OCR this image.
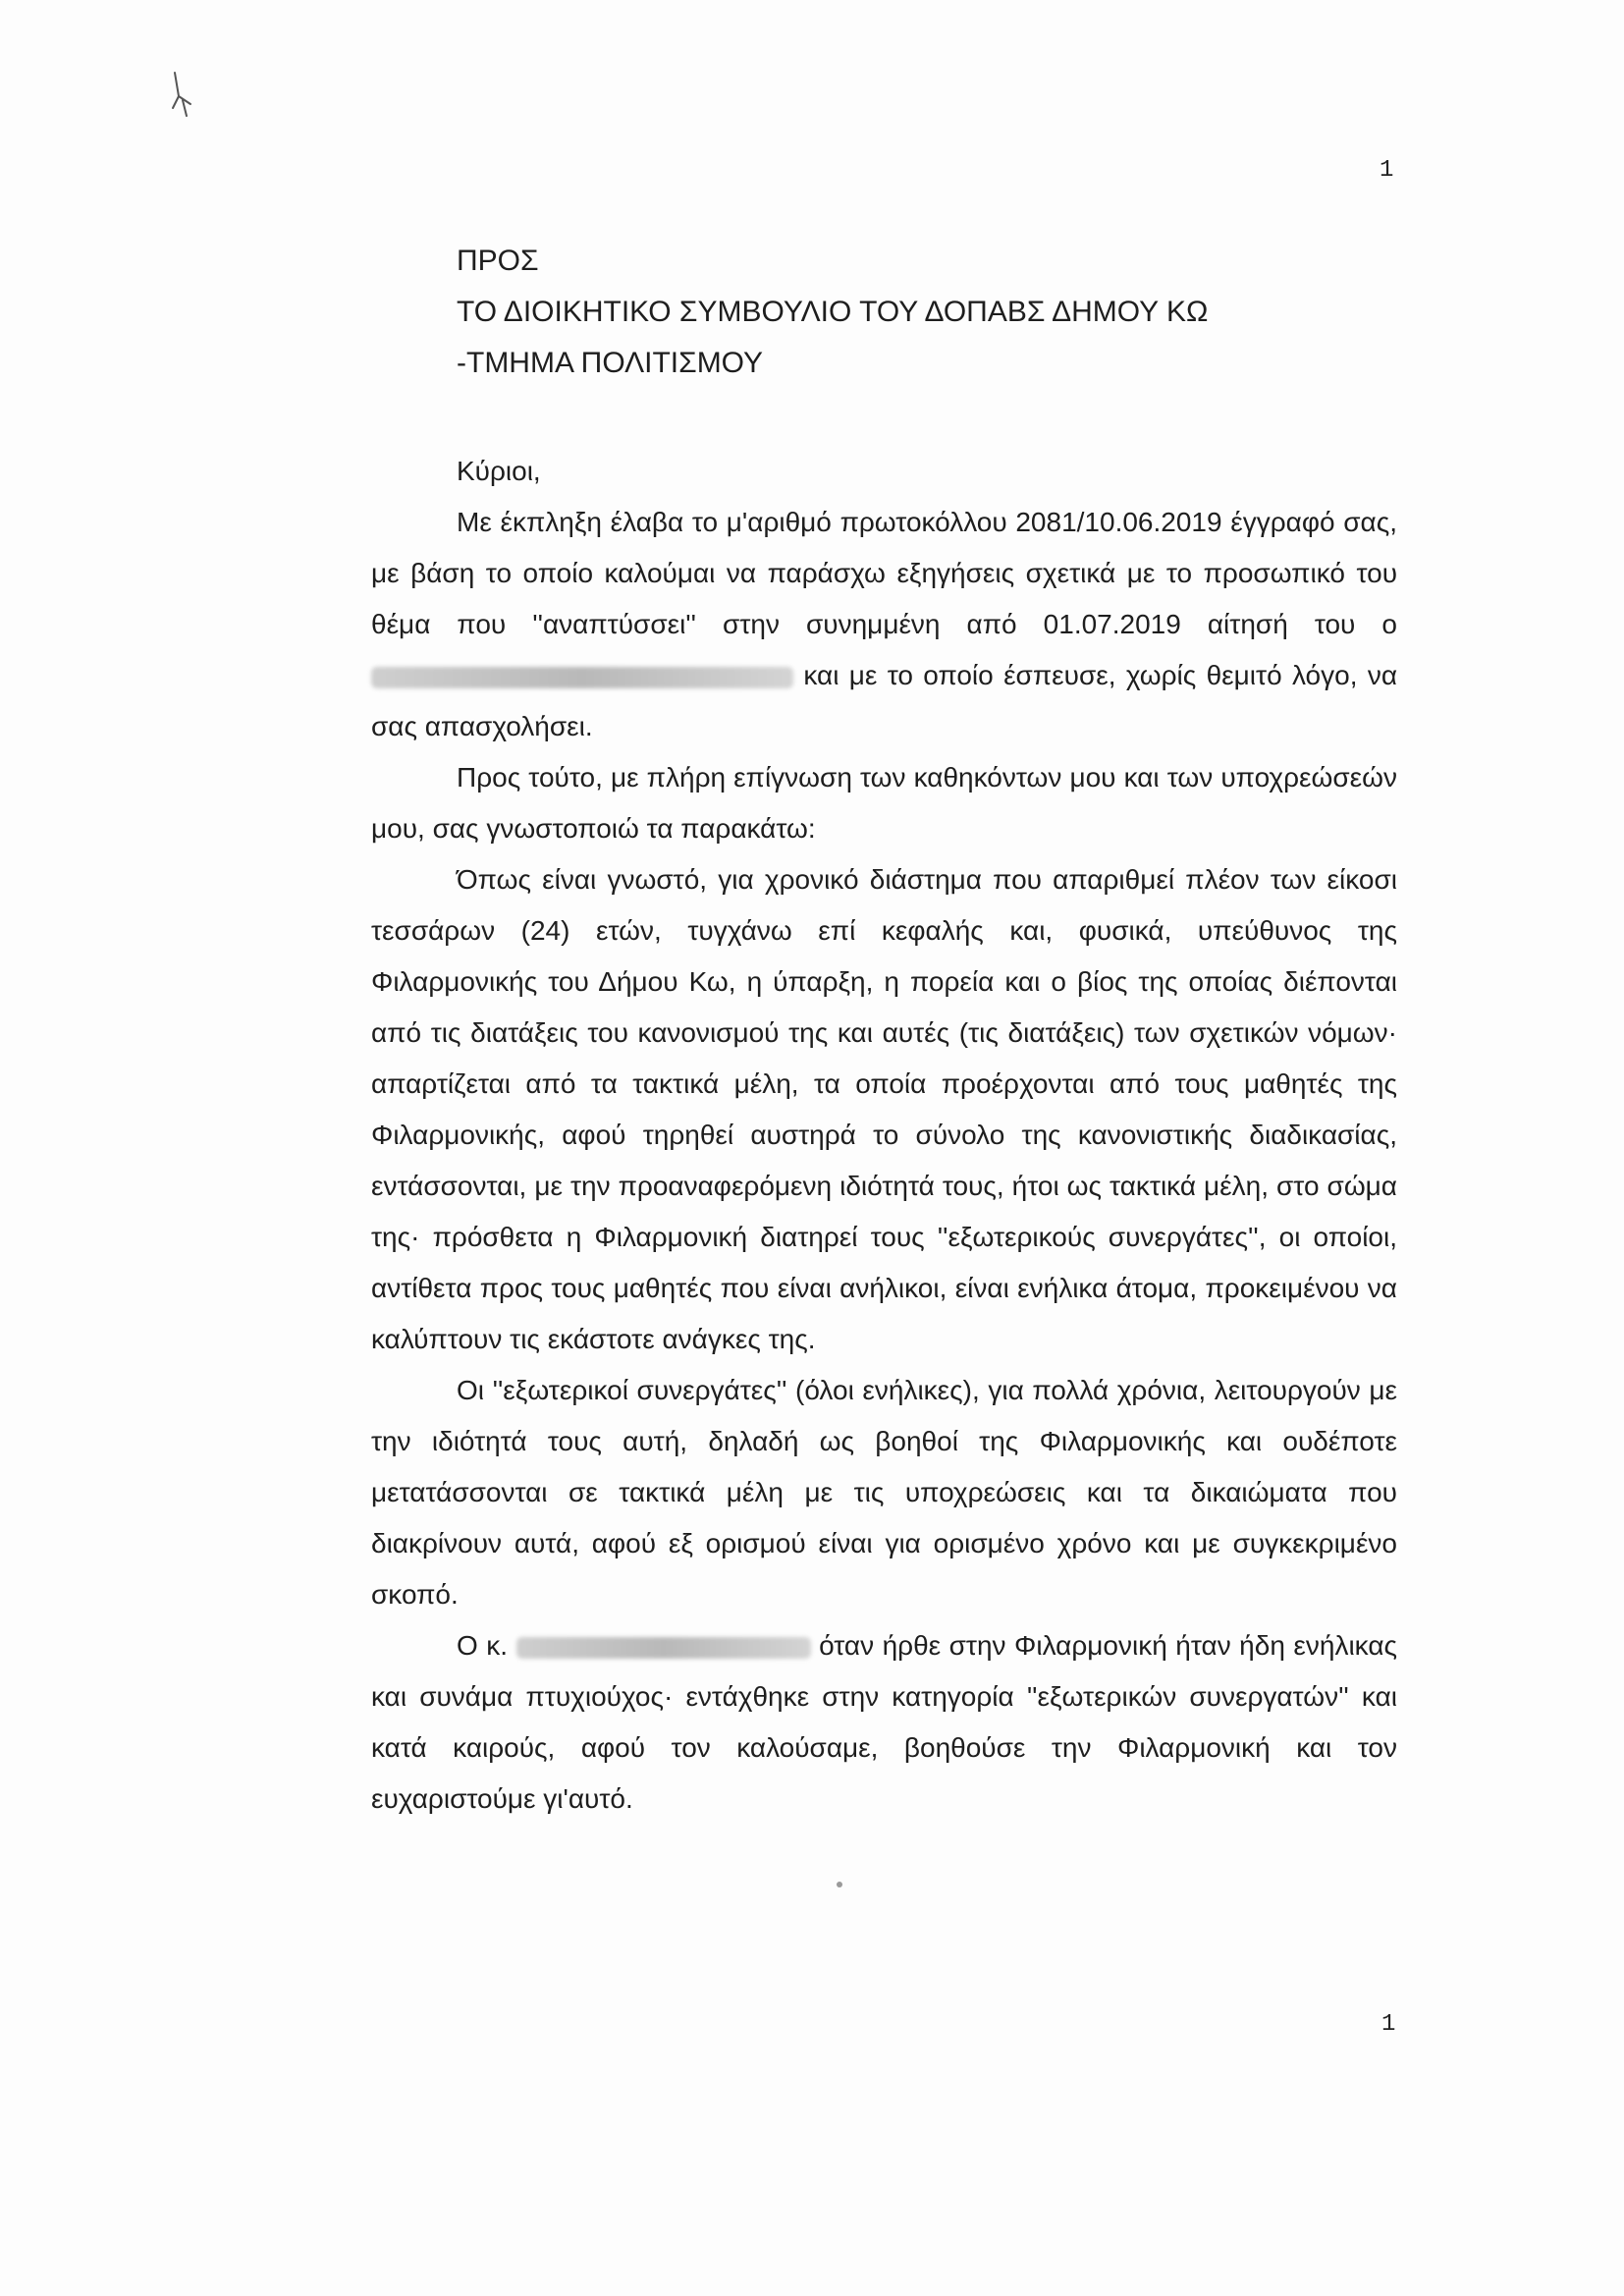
1
ΠΡΟΣ
ΤΟ ΔΙΟΙΚΗΤΙΚΟ ΣΥΜΒΟΥΛΙΟ ΤΟΥ ΔΟΠΑΒΣ ΔΗΜΟΥ ΚΩ
-ΤΜΗΜΑ ΠΟΛΙΤΙΣΜΟΥ
Κύριοι,

Με έκπληξη έλαβα το μ'αριθμό πρωτοκόλλου 2081/10.06.2019 έγγραφό σας, με βάση το οποίο καλούμαι να παράσχω εξηγήσεις σχετικά με το προσωπικό του θέμα που ''αναπτύσσει'' στην συνημμένη από 01.07.2019 αίτησή του ο  και με το οποίο έσπευσε, χωρίς θεμιτό λόγο, να σας απασχολήσει.

Προς τούτο, με πλήρη επίγνωση των καθηκόντων μου και των υποχρεώσεών μου, σας γνωστοποιώ τα παρακάτω:

Όπως είναι γνωστό, για χρονικό διάστημα που απαριθμεί πλέον των είκοσι τεσσάρων (24) ετών, τυγχάνω επί κεφαλής και, φυσικά, υπεύθυνος της Φιλαρμονικής του Δήμου Κω, η ύπαρξη, η πορεία και ο βίος της οποίας διέπονται από τις διατάξεις του κανονισμού της και αυτές (τις διατάξεις) των σχετικών νόμων· απαρτίζεται από τα τακτικά μέλη, τα οποία προέρχονται από τους μαθητές της Φιλαρμονικής, αφού τηρηθεί αυστηρά το σύνολο της κανονιστικής διαδικασίας, εντάσσονται, με την προαναφερόμενη ιδιότητά τους, ήτοι ως τακτικά μέλη, στο σώμα της· πρόσθετα η Φιλαρμονική διατηρεί τους ''εξωτερικούς συνεργάτες'', οι οποίοι, αντίθετα προς τους μαθητές που είναι ανήλικοι, είναι ενήλικα άτομα, προκειμένου να καλύπτουν τις εκάστοτε ανάγκες της.

Οι ''εξωτερικοί συνεργάτες'' (όλοι ενήλικες), για πολλά χρόνια, λειτουργούν με την ιδιότητά τους αυτή, δηλαδή ως βοηθοί της Φιλαρμονικής και ουδέποτε μετατάσσονται σε τακτικά μέλη με τις υποχρεώσεις και τα δικαιώματα που διακρίνουν αυτά, αφού εξ ορισμού είναι για ορισμένο χρόνο και με συγκεκριμένο σκοπό.

Ο κ.	όταν ήρθε στην Φιλαρμονική ήταν ήδη ενήλικας και συνάμα πτυχιούχος· εντάχθηκε στην κατηγορία ''εξωτερικών συνεργατών'' και κατά καιρούς, αφού τον καλούσαμε, βοηθούσε την Φιλαρμονική και τον ευχαριστούμε γι'αυτό.

1
